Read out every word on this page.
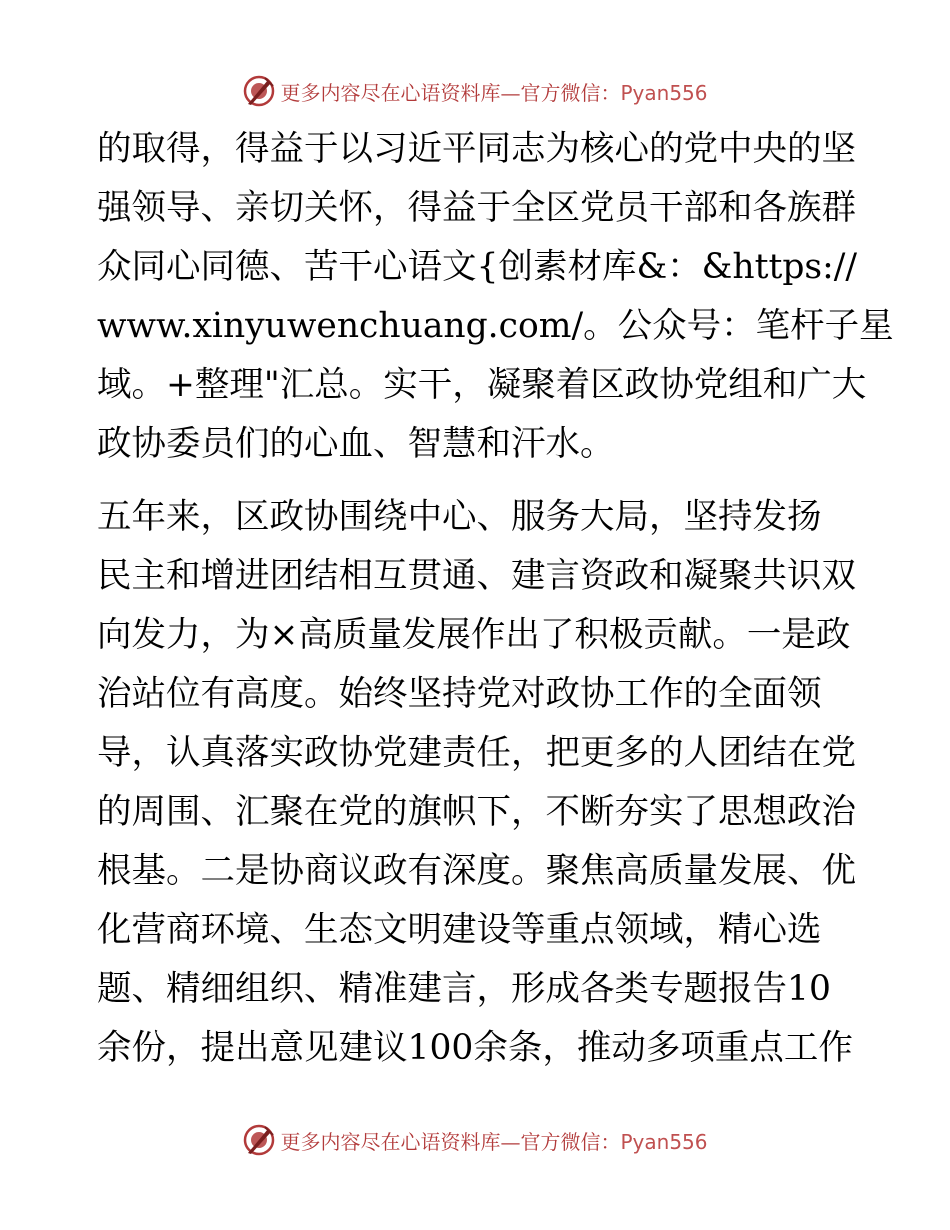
更多内容尽在心语资料库—官方微信：Pyan556

的取得，得益于以习近平同志为核心的党中央的坚
强领导、亲切关怀，得益于全区党员干部和各族群
众同心同德、苦干心语文{创素材库&：&https://
www.xinyuwenchuang.com/。公众号：笔杆子星
域。+整理"汇总。实干，凝聚着区政协党组和广大
政协委员们的心血、智慧和汗水。

五年来，区政协围绕中心、服务大局，坚持发扬
民主和增进团结相互贯通、建言资政和凝聚共识双
向发力，为×高质量发展作出了积极贡献。一是政
治站位有高度。始终坚持党对政协工作的全面领
导，认真落实政协党建责任，把更多的人团结在党
的周围、汇聚在党的旗帜下，不断夯实了思想政治
根基。二是协商议政有深度。聚焦高质量发展、优
化营商环境、生态文明建设等重点领域，精心选
题、精细组织、精准建言，形成各类专题报告10
余份，提出意见建议100余条，推动多项重点工作

更多内容尽在心语资料库—官方微信：Pyan556
